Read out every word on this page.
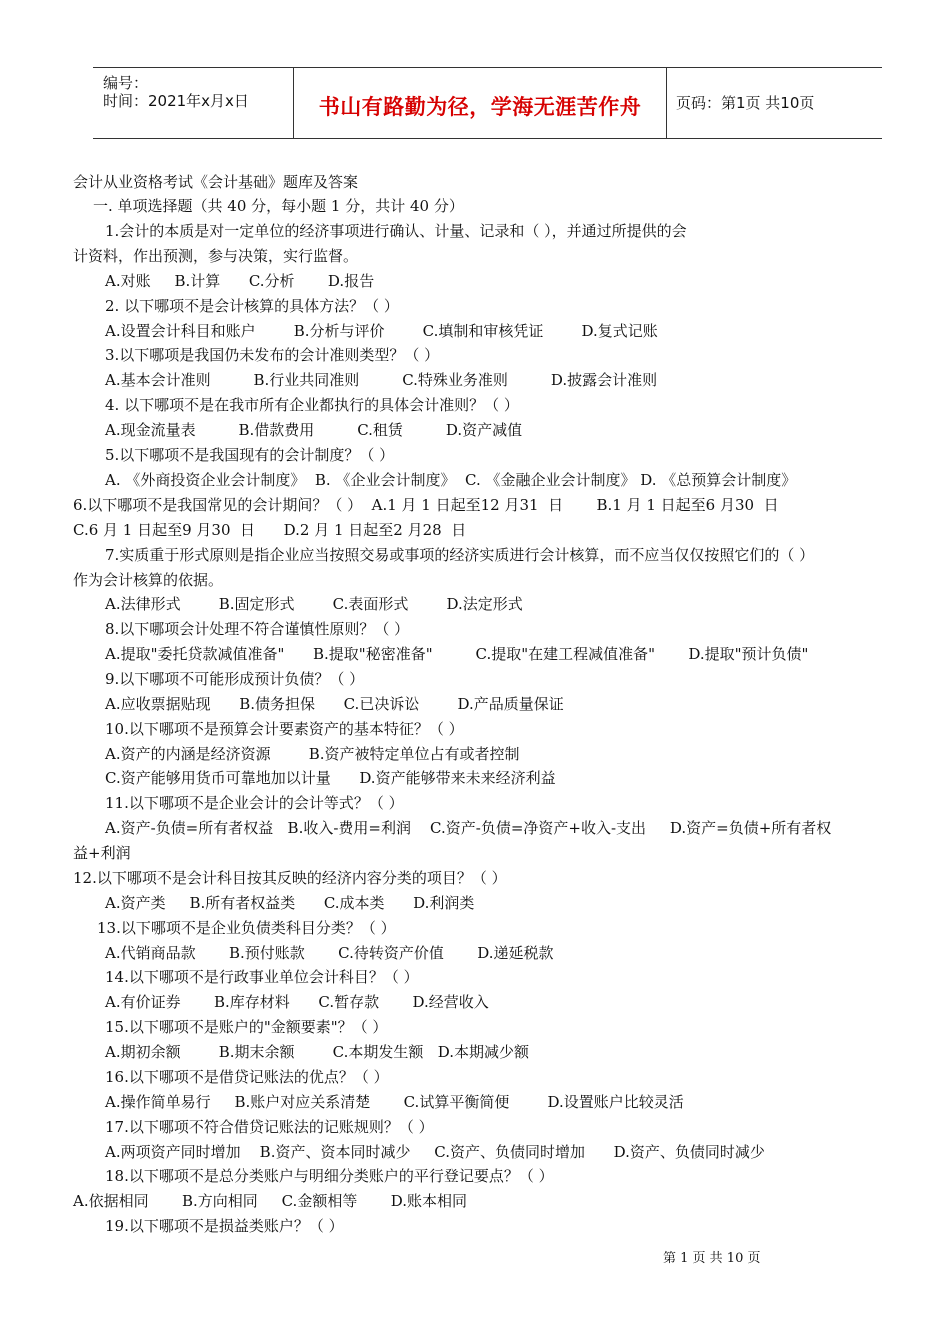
编号：
时间：2021年x月x日	书山有路勤为径，学海无涯苦作舟	页码：第1页 共10页
会计从业资格考试《会计基础》题库及答案
一. 单项选择题（共 40 分，每小题 1 分，共计 40 分）
1.会计的本质是对一定单位的经济事项进行确认、计量、记录和（ ），并通过所提供的会
计资料，作出预测，参与决策，实行监督。
A.对账     B.计算      C.分析       D.报告
2. 以下哪项不是会计核算的具体方法？（ ）
A.设置会计科目和账户        B.分析与评价        C.填制和审核凭证        D.复式记账
3.以下哪项是我国仍未发布的会计准则类型？（ ）
A.基本会计准则         B.行业共同准则         C.特殊业务准则         D.披露会计准则
4. 以下哪项不是在我市所有企业都执行的具体会计准则？（ ）
A.现金流量表         B.借款费用         C.租赁         D.资产减值
5.以下哪项不是我国现有的会计制度？（ ）
A. 《外商投资企业会计制度》  B. 《企业会计制度》  C. 《金融企业会计制度》 D. 《总预算会计制度》
6.以下哪项不是我国常见的会计期间？（ ）  A.1 月 1 日起至12 月31  日       B.1 月 1 日起至6 月30  日
C.6 月 1 日起至9 月30  日      D.2 月 1 日起至2 月28  日
7.实质重于形式原则是指企业应当按照交易或事项的经济实质进行会计核算，而不应当仅仅按照它们的（ ）
作为会计核算的依据。
A.法律形式        B.固定形式        C.表面形式        D.法定形式
8.以下哪项会计处理不符合谨慎性原则？（ ）
A.提取"委托贷款减值准备"      B.提取"秘密准备"         C.提取"在建工程减值准备"       D.提取"预计负债"
9.以下哪项不可能形成预计负债？（ ）
A.应收票据贴现      B.债务担保      C.已决诉讼        D.产品质量保证
10.以下哪项不是预算会计要素资产的基本特征？（ ）
A.资产的内涵是经济资源        B.资产被特定单位占有或者控制
C.资产能够用货币可靠地加以计量      D.资产能够带来未来经济利益
11.以下哪项不是企业会计的会计等式？（ ）
A.资产-负债=所有者权益   B.收入-费用=利润    C.资产-负债=净资产+收入-支出     D.资产=负债+所有者权
益+利润
12.以下哪项不是会计科目按其反映的经济内容分类的项目？（ ）
A.资产类     B.所有者权益类      C.成本类      D.利润类
13.以下哪项不是企业负债类科目分类？（ ）
A.代销商品款       B.预付账款       C.待转资产价值       D.递延税款
14.以下哪项不是行政事业单位会计科目？（ ）
A.有价证券       B.库存材料      C.暂存款       D.经营收入
15.以下哪项不是账户的"金额要素"？（ ）
A.期初余额        B.期末余额        C.本期发生额   D.本期减少额
16.以下哪项不是借贷记账法的优点？（ ）
A.操作简单易行     B.账户对应关系清楚       C.试算平衡简便        D.设置账户比较灵活
17.以下哪项不符合借贷记账法的记账规则？（ ）
A.两项资产同时增加    B.资产、资本同时减少     C.资产、负债同时增加      D.资产、负债同时减少
18.以下哪项不是总分类账户与明细分类账户的平行登记要点？（ ）
A.依据相同       B.方向相同     C.金额相等       D.账本相同
19.以下哪项不是损益类账户？（ ）
第 1 页 共 10 页
